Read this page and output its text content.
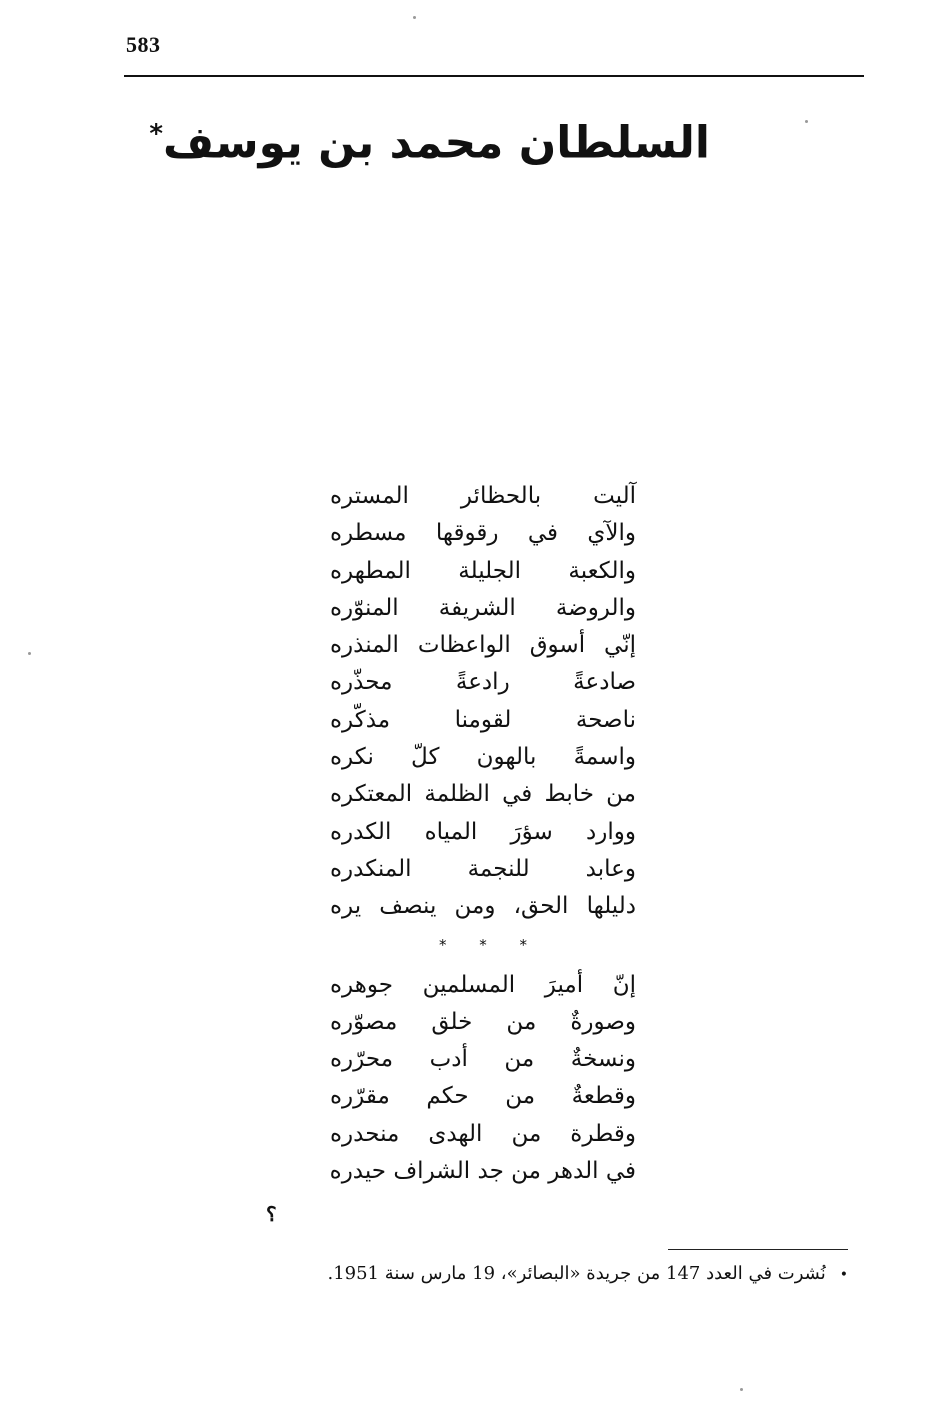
583
السلطان محمد بن يوسف*
آليت بالحظائر المستره
والآي في رقوقها مسطره
والكعبة الجليلة المطهره
والروضة الشريفة المنوّره
إنّي أسوق الواعظات المنذره
صادعةً رادعةً محذّره
ناصحة لقومنا مذكّره
واسمةً بالهون كلّ نكره
من خابط في الظلمة المعتكره
ووارد سؤرَ المياه الكدره
وعابد للنجمة المنكدره
دليلها الحق، ومن ينصف يره
* * *
إنّ أميرَ المسلمين جوهره
وصورةٌ من خلق مصوّره
ونسخةٌ من أدب محرّره
وقطعةٌ من حكم مقرّره
وقطرة من الهدى منحدره
في الدهر من جد الشراف حيدره
؟
•نُشرت في العدد 147 من جريدة «البصائر»، 19 مارس سنة 1951.
